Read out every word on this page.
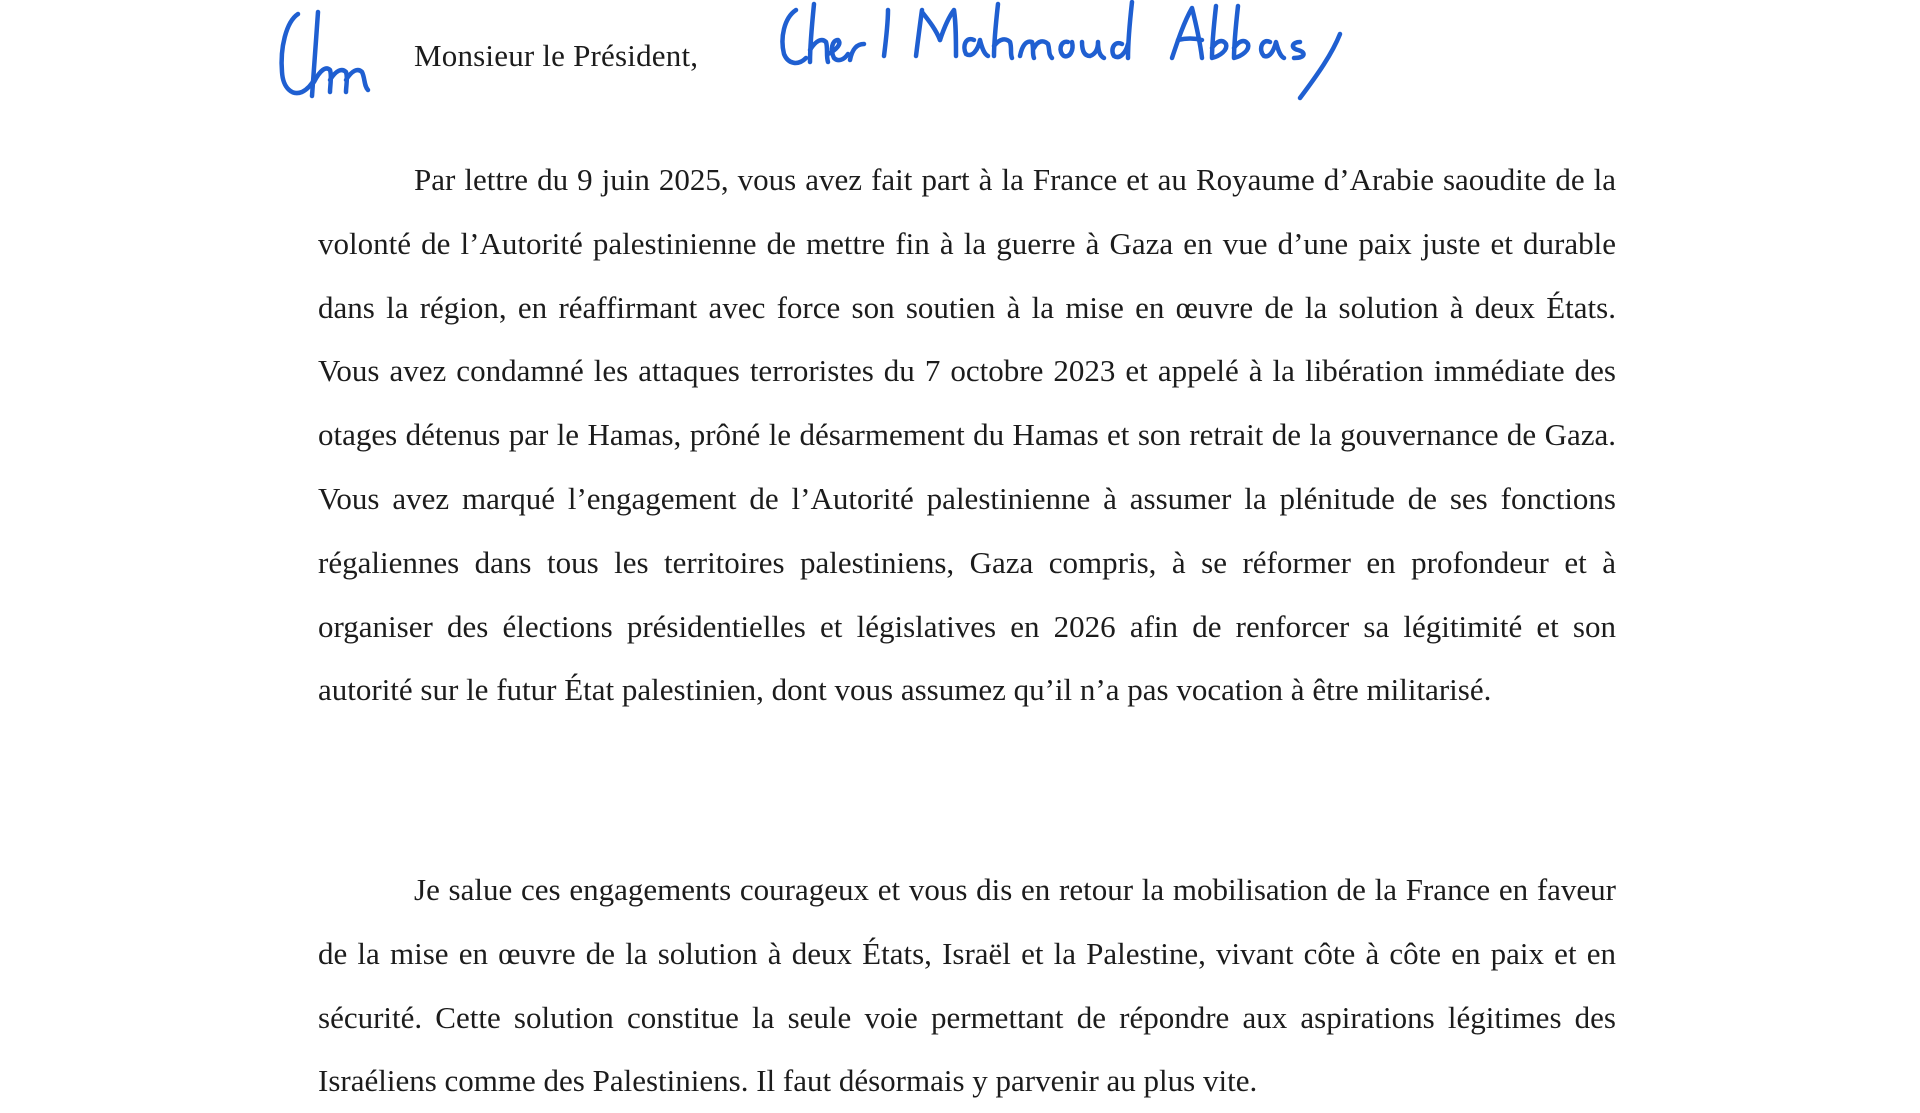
Monsieur le Président,

Par lettre du 9 juin 2025, vous avez fait part à la France et au Royaume d’Arabie saoudite de la volonté de l’Autorité palestinienne de mettre fin à la guerre à Gaza en vue d’une paix juste et durable dans la région, en réaffirmant avec force son soutien à la mise en œuvre de la solution à deux États. Vous avez condamné les attaques terroristes du 7 octobre 2023 et appelé à la libération immédiate des otages détenus par le Hamas, prôné le désarmement du Hamas et son retrait de la gouvernance de Gaza. Vous avez marqué l’engagement de l’Autorité palestinienne à assumer la plénitude de ses fonctions régaliennes dans tous les territoires palestiniens, Gaza compris, à se réformer en profondeur et à organiser des élections présidentielles et législatives en 2026 afin de renforcer sa légitimité et son autorité sur le futur État palestinien, dont vous assumez qu’il n’a pas vocation à être militarisé.

Je salue ces engagements courageux et vous dis en retour la mobilisation de la France en faveur de la mise en œuvre de la solution à deux États, Israël et la Palestine, vivant côte à côte en paix et en sécurité. Cette solution constitue la seule voie permettant de répondre aux aspirations légitimes des Israéliens comme des Palestiniens. Il faut désormais y parvenir au plus vite.
